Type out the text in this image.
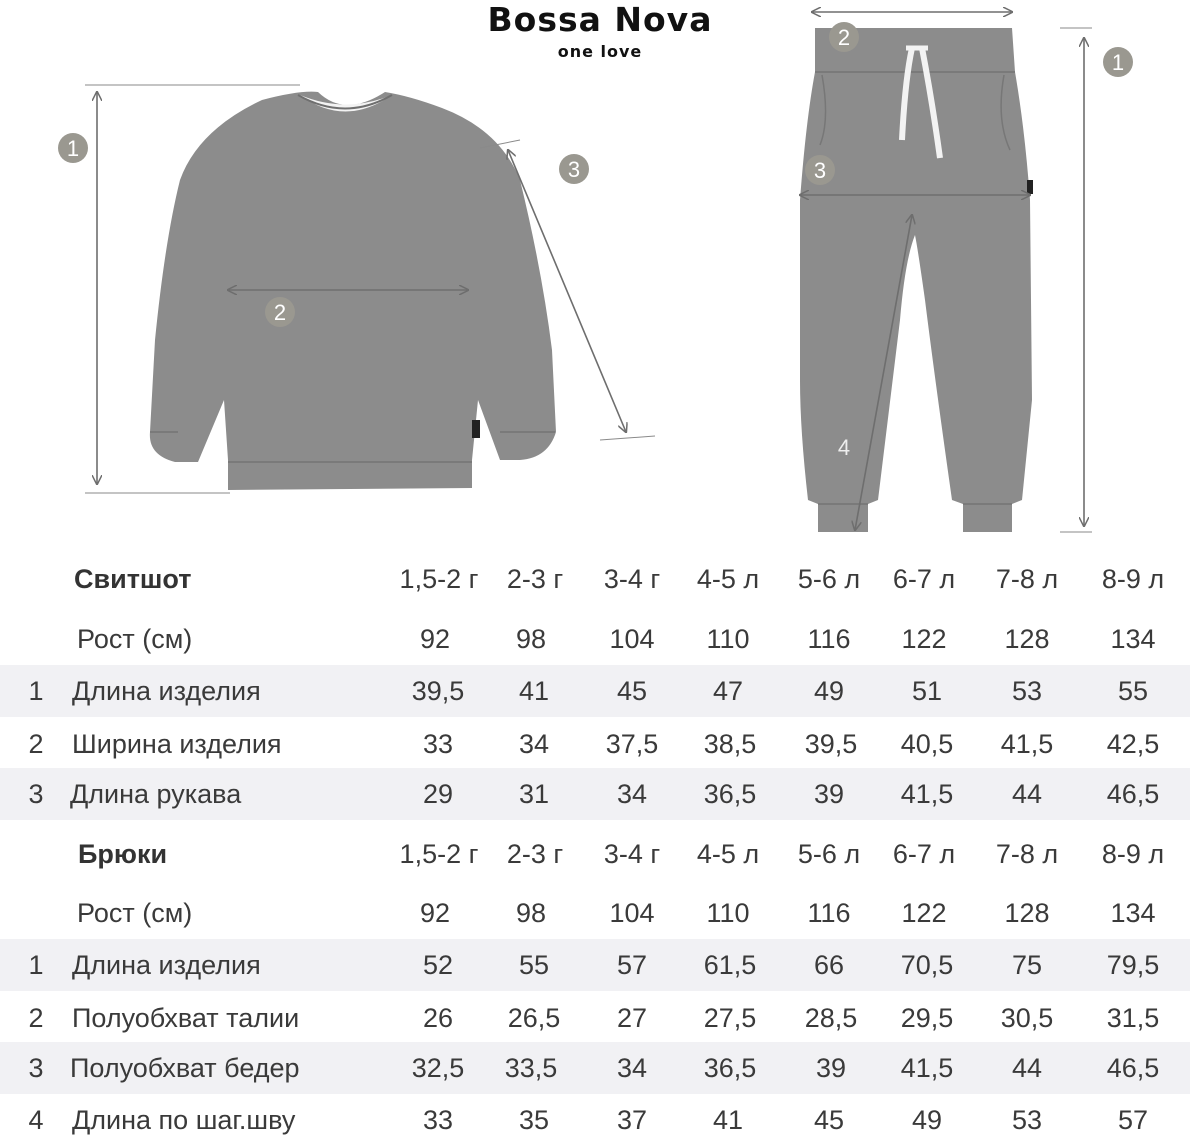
Bossa Nova
one love
1
2
3
2
1
3
4
Свитшот	1,5-2 г	2-3 г	3-4 г	4-5 л	5-6 л	6-7 л	7-8 л	8-9 л
Рост (см)	92	98	104	110	116	122	128	134
1	Длина изделия	39,5	41	45	47	49	51	53	55
2	Ширина изделия	33	34	37,5	38,5	39,5	40,5	41,5	42,5
3 Длина рукава	29	31	34	36,5	39	41,5	44	46,5
Брюки	1,5-2 г	2-3 г	3-4 г	4-5 л	5-6 л	6-7 л	7-8 л	8-9 л
Рост (см)	92	98	104	110	116	122	128	134
1	Длина изделия	52	55	57	61,5	66	70,5	75	79,5
2	Полуобхват талии	26	26,5	27	27,5	28,5	29,5	30,5	31,5
3 Полуобхват бедер	32,5	33,5	34	36,5	39	41,5	44	46,5
4	Длина по шаг.шву	33	35	37	41	45	49	53	57
